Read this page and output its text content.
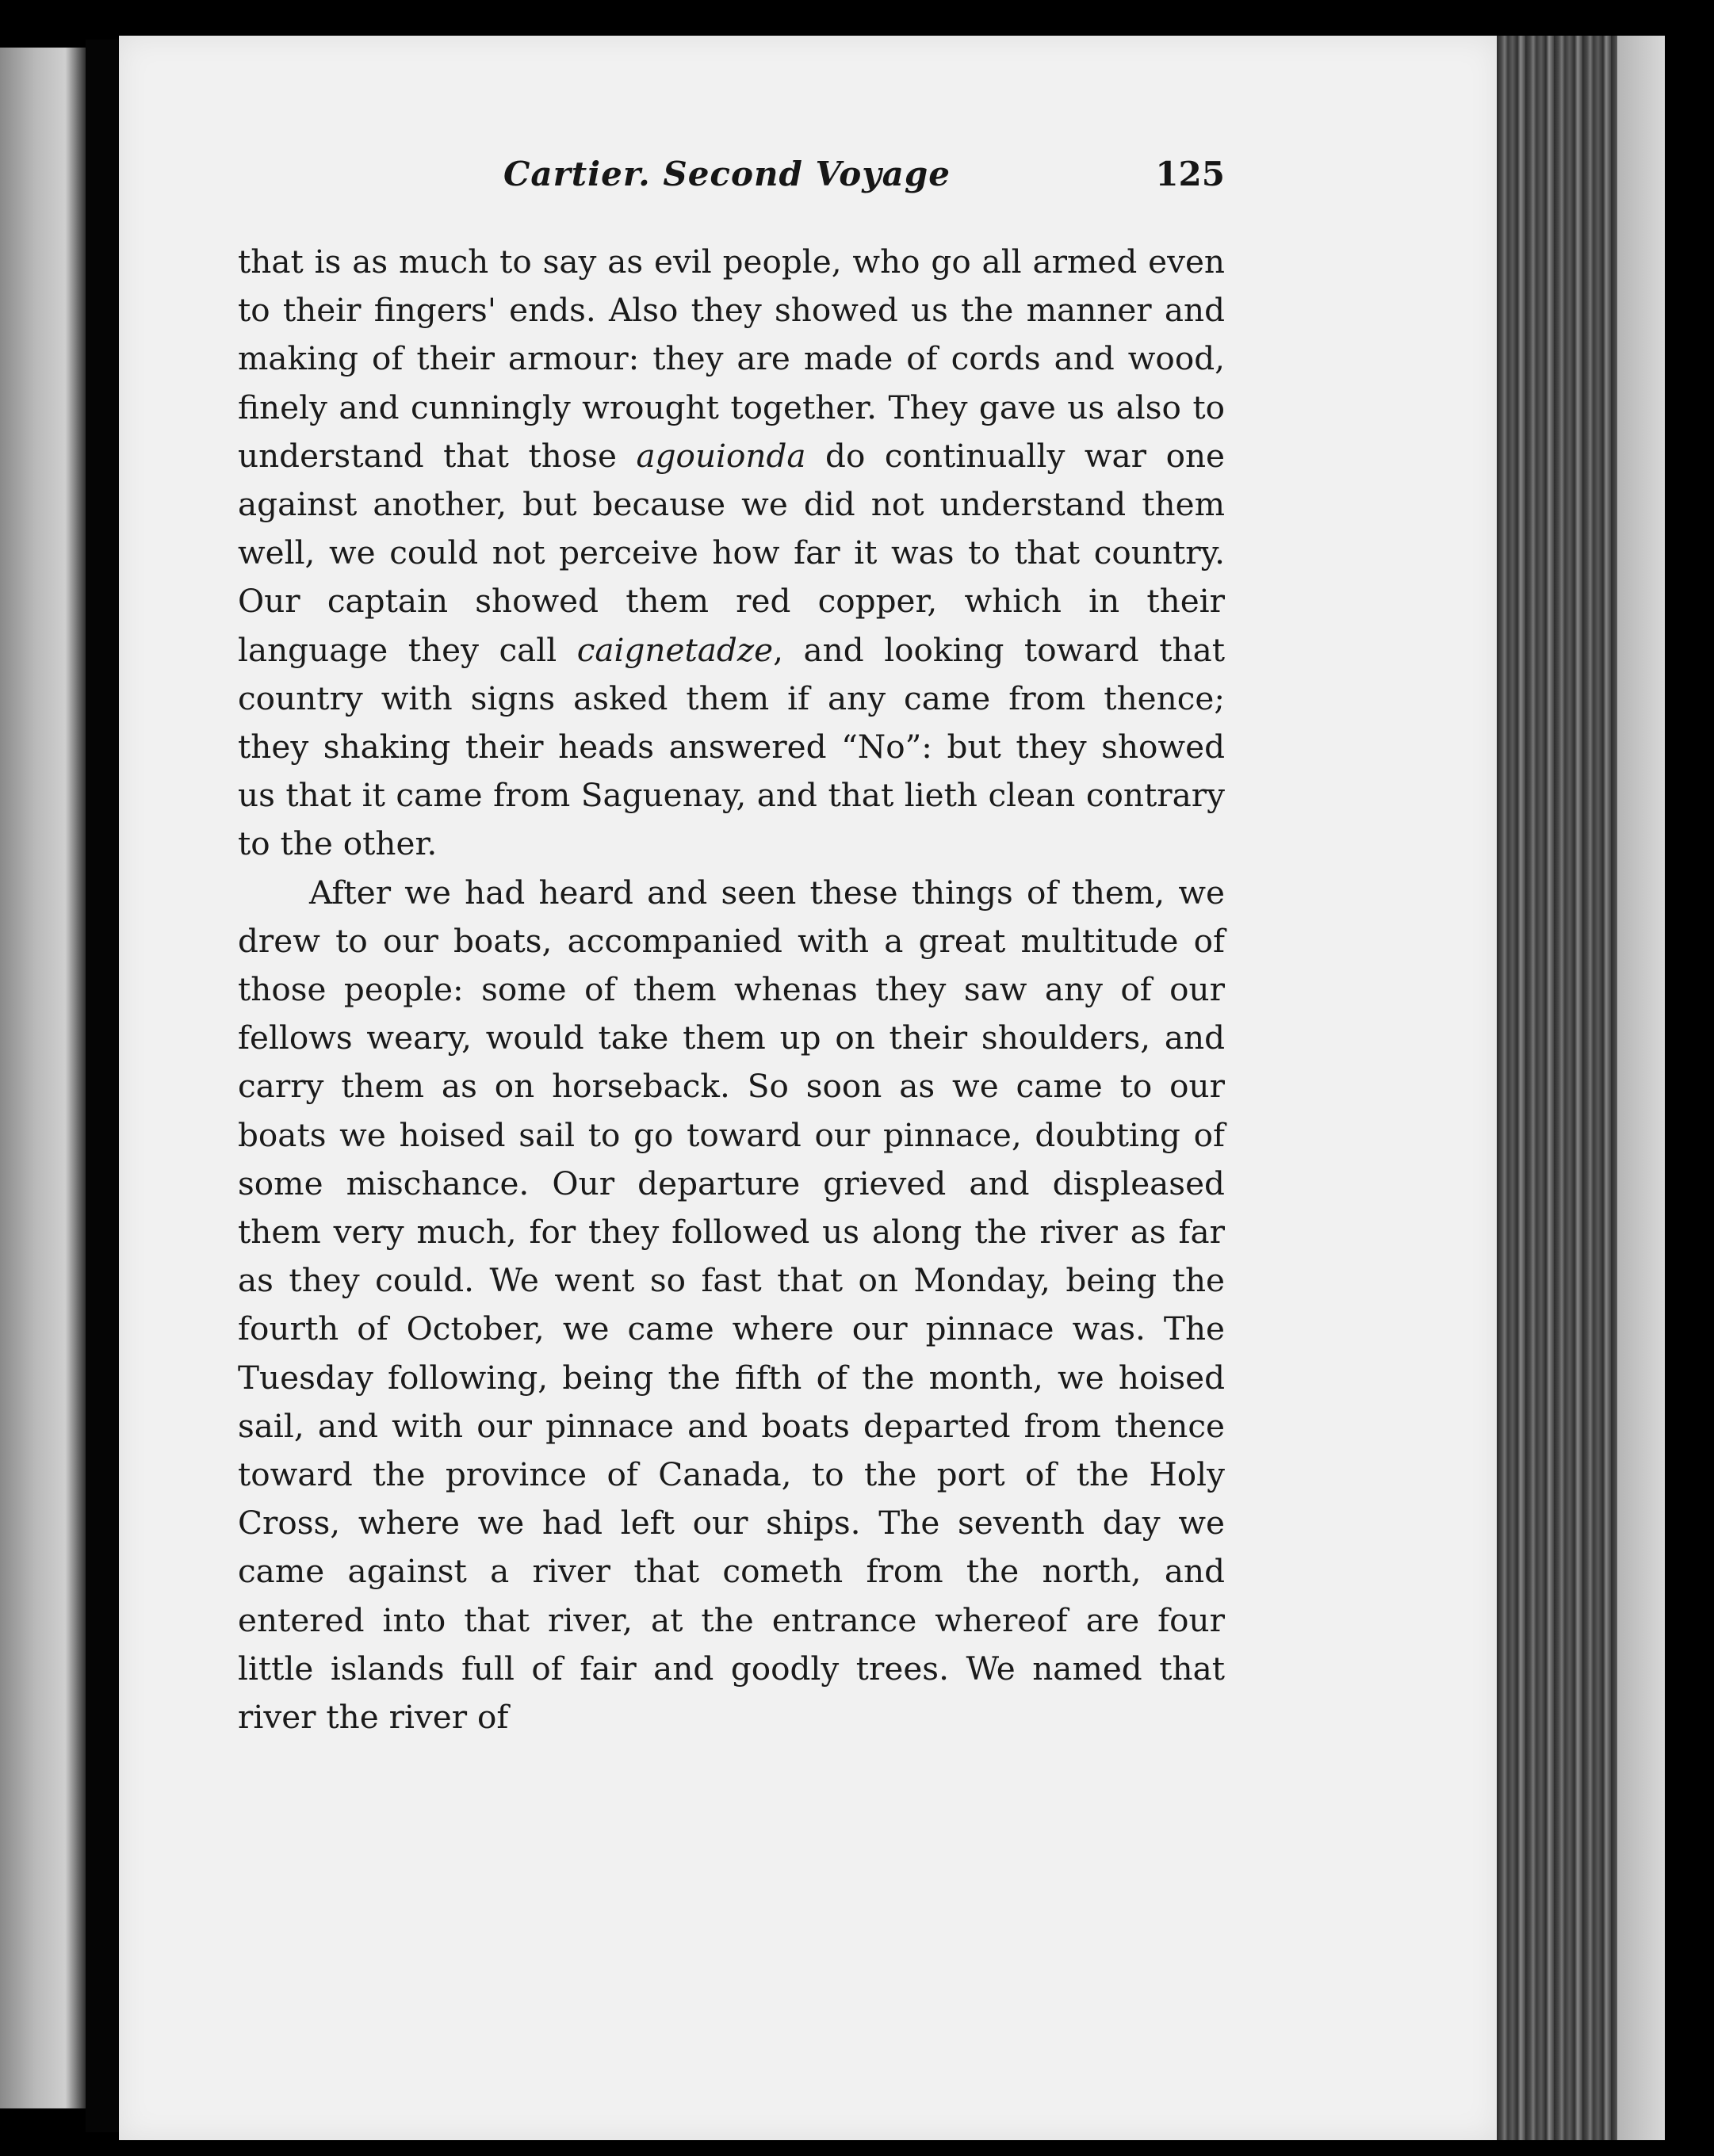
Cartier. Second Voyage	125

that is as much to say as evil people, who go all armed even to their fingers' ends. Also they showed us the manner and making of their armour: they are made of cords and wood, finely and cunningly wrought together. They gave us also to understand that those agouionda do continually war one against another, but because we did not understand them well, we could not perceive how far it was to that country. Our captain showed them red copper, which in their language they call caignetadze, and looking toward that country with signs asked them if any came from thence; they shaking their heads answered “No”: but they showed us that it came from Saguenay, and that lieth clean contrary to the other.

After we had heard and seen these things of them, we drew to our boats, accompanied with a great multitude of those people: some of them whenas they saw any of our fellows weary, would take them up on their shoulders, and carry them as on horseback. So soon as we came to our boats we hoised sail to go toward our pinnace, doubting of some mischance. Our departure grieved and displeased them very much, for they followed us along the river as far as they could. We went so fast that on Monday, being the fourth of October, we came where our pinnace was. The Tuesday following, being the fifth of the month, we hoised sail, and with our pinnace and boats departed from thence toward the province of Canada, to the port of the Holy Cross, where we had left our ships. The seventh day we came against a river that cometh from the north, and entered into that river, at the entrance whereof are four little islands full of fair and goodly trees. We named that river the river of
